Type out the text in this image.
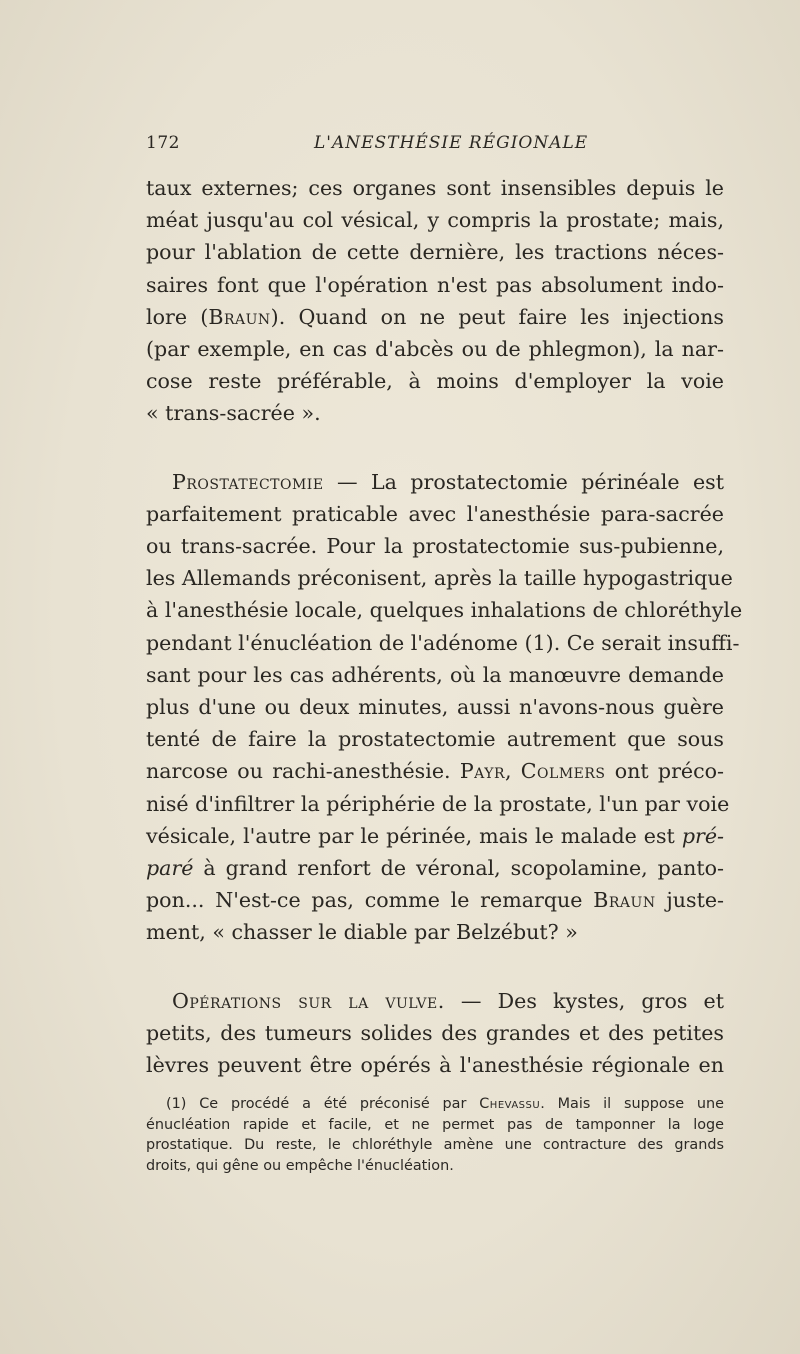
172	L'ANESTHÉSIE RÉGIONALE
taux externes; ces organes sont insensibles depuis le
méat jusqu'au col vésical, y compris la prostate; mais,
pour l'ablation de cette dernière, les tractions néces-
saires font que l'opération n'est pas absolument indo-
lore (Braun). Quand on ne peut faire les injections
(par exemple, en cas d'abcès ou de phlegmon), la nar-
cose reste préférable, à moins d'employer la voie
« trans-sacrée ».
Prostatectomie — La prostatectomie périnéale est
parfaitement praticable avec l'anesthésie para-sacrée
ou trans-sacrée. Pour la prostatectomie sus-pubienne,
les Allemands préconisent, après la taille hypogastrique
à l'anesthésie locale, quelques inhalations de chloréthyle
pendant l'énucléation de l'adénome (1). Ce serait insuffi-
sant pour les cas adhérents, où la manœuvre demande
plus d'une ou deux minutes, aussi n'avons-nous guère
tenté de faire la prostatectomie autrement que sous
narcose ou rachi-anesthésie. Payr, Colmers ont préco-
nisé d'infiltrer la périphérie de la prostate, l'un par voie
vésicale, l'autre par le périnée, mais le malade est pré-
paré à grand renfort de véronal, scopolamine, panto-
pon... N'est-ce pas, comme le remarque Braun juste-
ment, « chasser le diable par Belzébut? »
Opérations sur la vulve. — Des kystes, gros et
petits, des tumeurs solides des grandes et des petites
lèvres peuvent être opérés à l'anesthésie régionale en
(1) Ce procédé a été préconisé par Chevassu. Mais il suppose une
énucléation rapide et facile, et ne permet pas de tamponner la loge
prostatique. Du reste, le chloréthyle amène une contracture des grands
droits, qui gêne ou empêche l'énucléation.
